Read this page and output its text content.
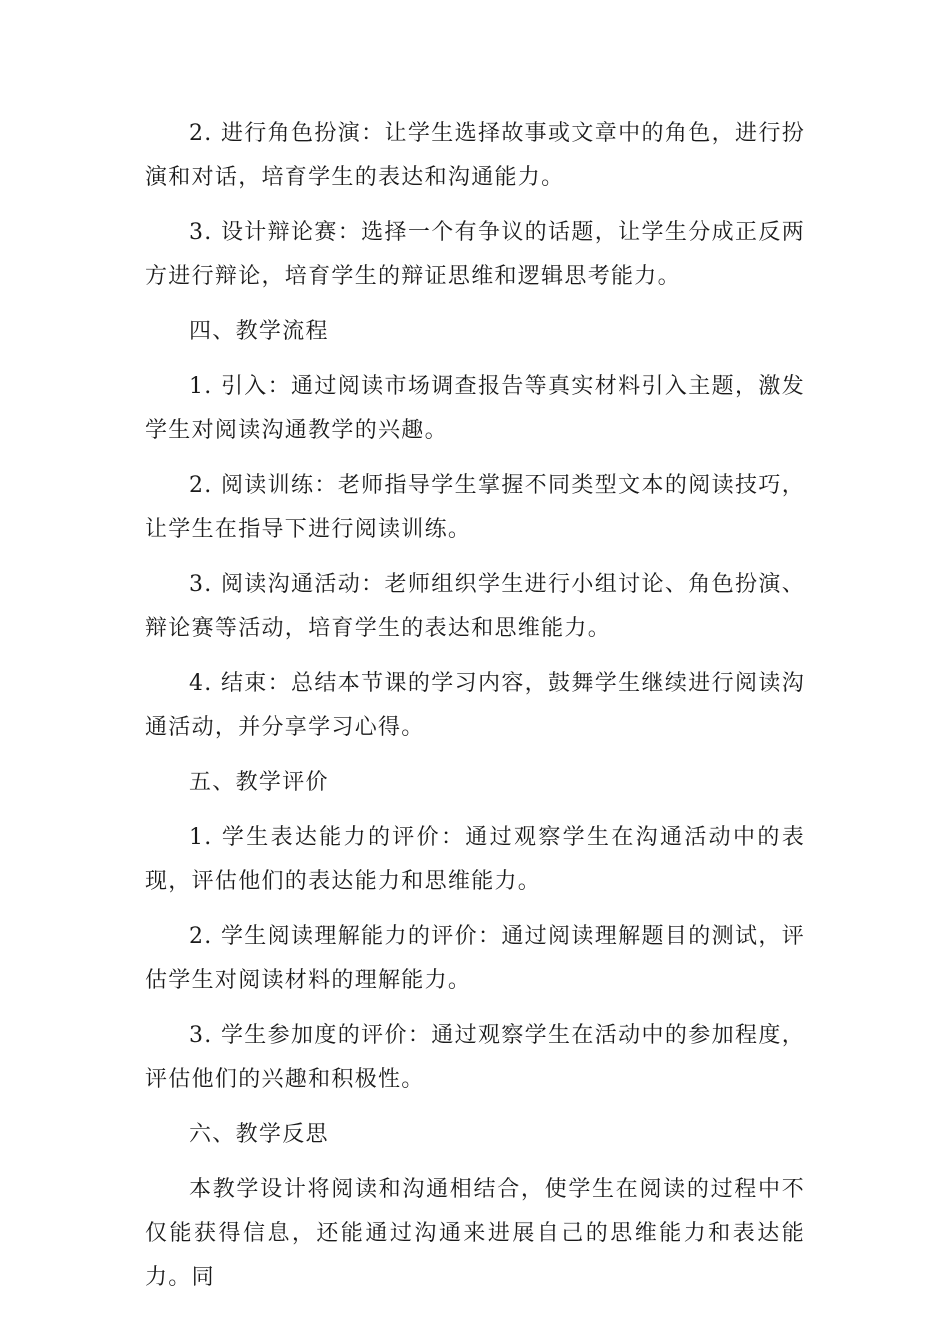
2. 进行角色扮演：让学生选择故事或文章中的角色，进行扮演和对话，培育学生的表达和沟通能力。

3. 设计辩论赛：选择一个有争议的话题，让学生分成正反两方进行辩论，培育学生的辩证思维和逻辑思考能力。

四、教学流程

1. 引入：通过阅读市场调查报告等真实材料引入主题，激发学生对阅读沟通教学的兴趣。

2. 阅读训练：老师指导学生掌握不同类型文本的阅读技巧，让学生在指导下进行阅读训练。

3. 阅读沟通活动：老师组织学生进行小组讨论、角色扮演、辩论赛等活动，培育学生的表达和思维能力。

4. 结束：总结本节课的学习内容，鼓舞学生继续进行阅读沟通活动，并分享学习心得。

五、教学评价

1. 学生表达能力的评价：通过观察学生在沟通活动中的表现，评估他们的表达能力和思维能力。

2. 学生阅读理解能力的评价：通过阅读理解题目的测试，评估学生对阅读材料的理解能力。

3. 学生参加度的评价：通过观察学生在活动中的参加程度，评估他们的兴趣和积极性。

六、教学反思

本教学设计将阅读和沟通相结合，使学生在阅读的过程中不仅能获得信息，还能通过沟通来进展自己的思维能力和表达能力。同
